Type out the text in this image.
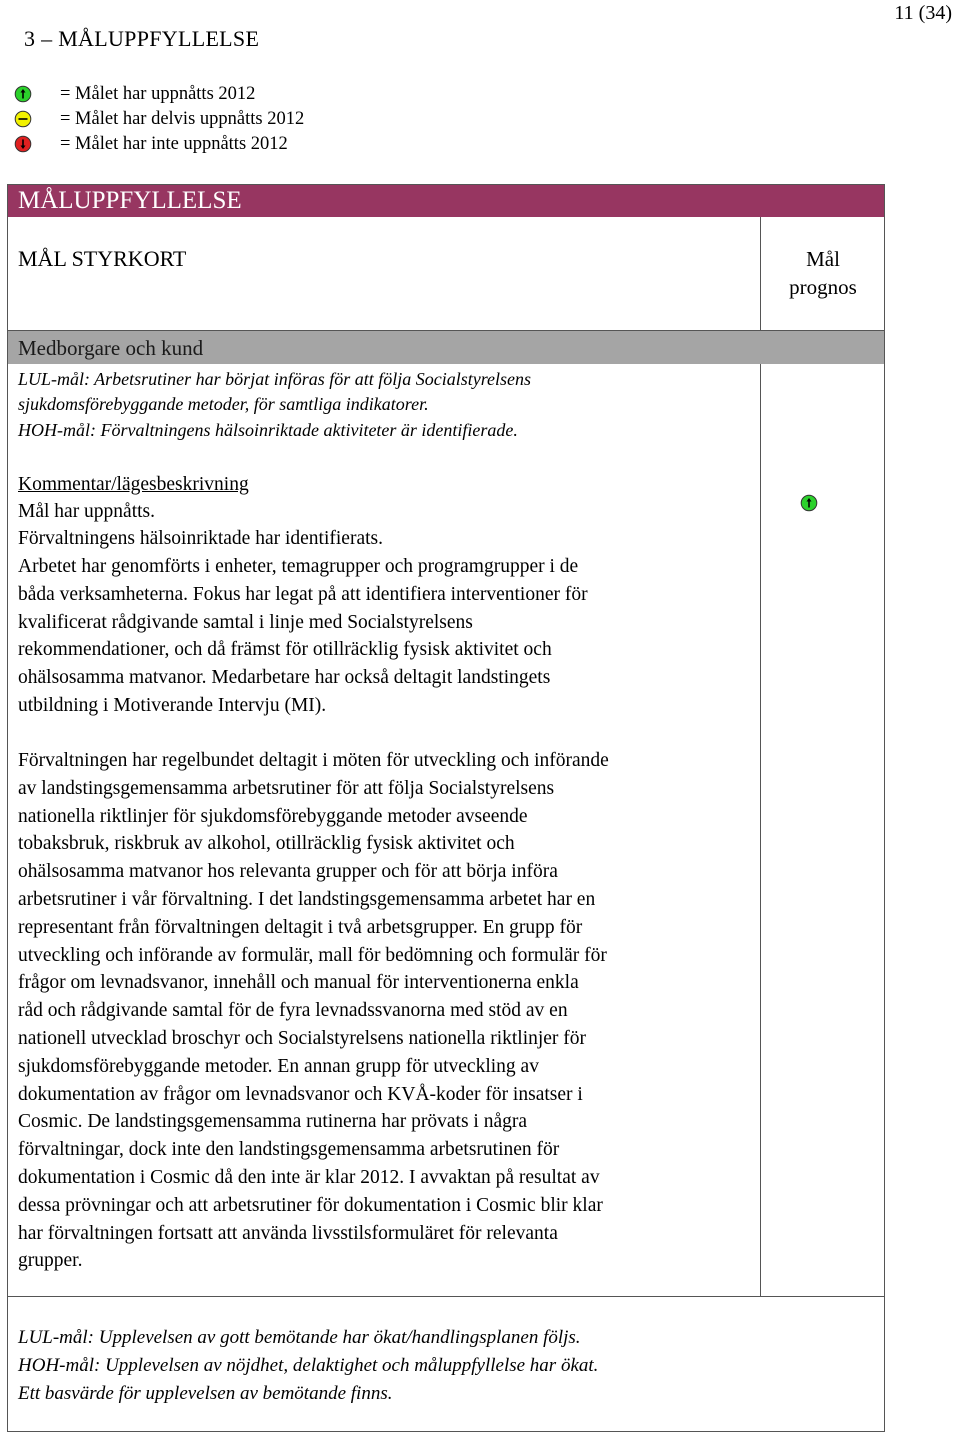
3 – MÅLUPPFYLLELSE
11 (34)
= Målet har uppnåtts 2012
= Målet har delvis uppnåtts 2012
= Målet har inte uppnåtts 2012
MÅLUPPFYLLELSE
MÅL STYRKORT	Mål
prognos
Medborgare och kund
LUL-mål: Arbetsrutiner har börjat införas för att följa Socialstyrelsens
sjukdomsförebyggande metoder, för samtliga indikatorer.
HOH-mål: Förvaltningens hälsoinriktade aktiviteter är identifierade.
Kommentar/lägesbeskrivning
Mål har uppnåtts.
Förvaltningens hälsoinriktade har identifierats.
Arbetet har genomförts i enheter, temagrupper och programgrupper i de
båda verksamheterna. Fokus har legat på att identifiera interventioner för
kvalificerat rådgivande samtal i linje med Socialstyrelsens
rekommendationer, och då främst för otillräcklig fysisk aktivitet och
ohälsosamma matvanor. Medarbetare har också deltagit landstingets
utbildning i Motiverande Intervju (MI).
Förvaltningen har regelbundet deltagit i möten för utveckling och införande
av landstingsgemensamma arbetsrutiner för att följa Socialstyrelsens
nationella riktlinjer för sjukdomsförebyggande metoder avseende
tobaksbruk, riskbruk av alkohol, otillräcklig fysisk aktivitet och
ohälsosamma matvanor hos relevanta grupper och för att börja införa
arbetsrutiner i vår förvaltning. I det landstingsgemensamma arbetet har en
representant från förvaltningen deltagit i två arbetsgrupper. En grupp för
utveckling och införande av formulär, mall för bedömning och formulär för
frågor om levnadsvanor, innehåll och manual för interventionerna enkla
råd och rådgivande samtal för de fyra levnadssvanorna med stöd av en
nationell utvecklad broschyr och Socialstyrelsens nationella riktlinjer för
sjukdomsförebyggande metoder. En annan grupp för utveckling av
dokumentation av frågor om levnadsvanor och KVÅ-koder för insatser i
Cosmic. De landstingsgemensamma rutinerna har prövats i några
förvaltningar, dock inte den landstingsgemensamma arbetsrutinen för
dokumentation i Cosmic då den inte är klar 2012. I avvaktan på resultat av
dessa prövningar och att arbetsrutiner för dokumentation i Cosmic blir klar
har förvaltningen fortsatt att använda livsstilsformuläret för relevanta
grupper.
LUL-mål: Upplevelsen av gott bemötande har ökat/handlingsplanen följs.
HOH-mål: Upplevelsen av nöjdhet, delaktighet och måluppfyllelse har ökat.
Ett basvärde för upplevelsen av bemötande finns.
